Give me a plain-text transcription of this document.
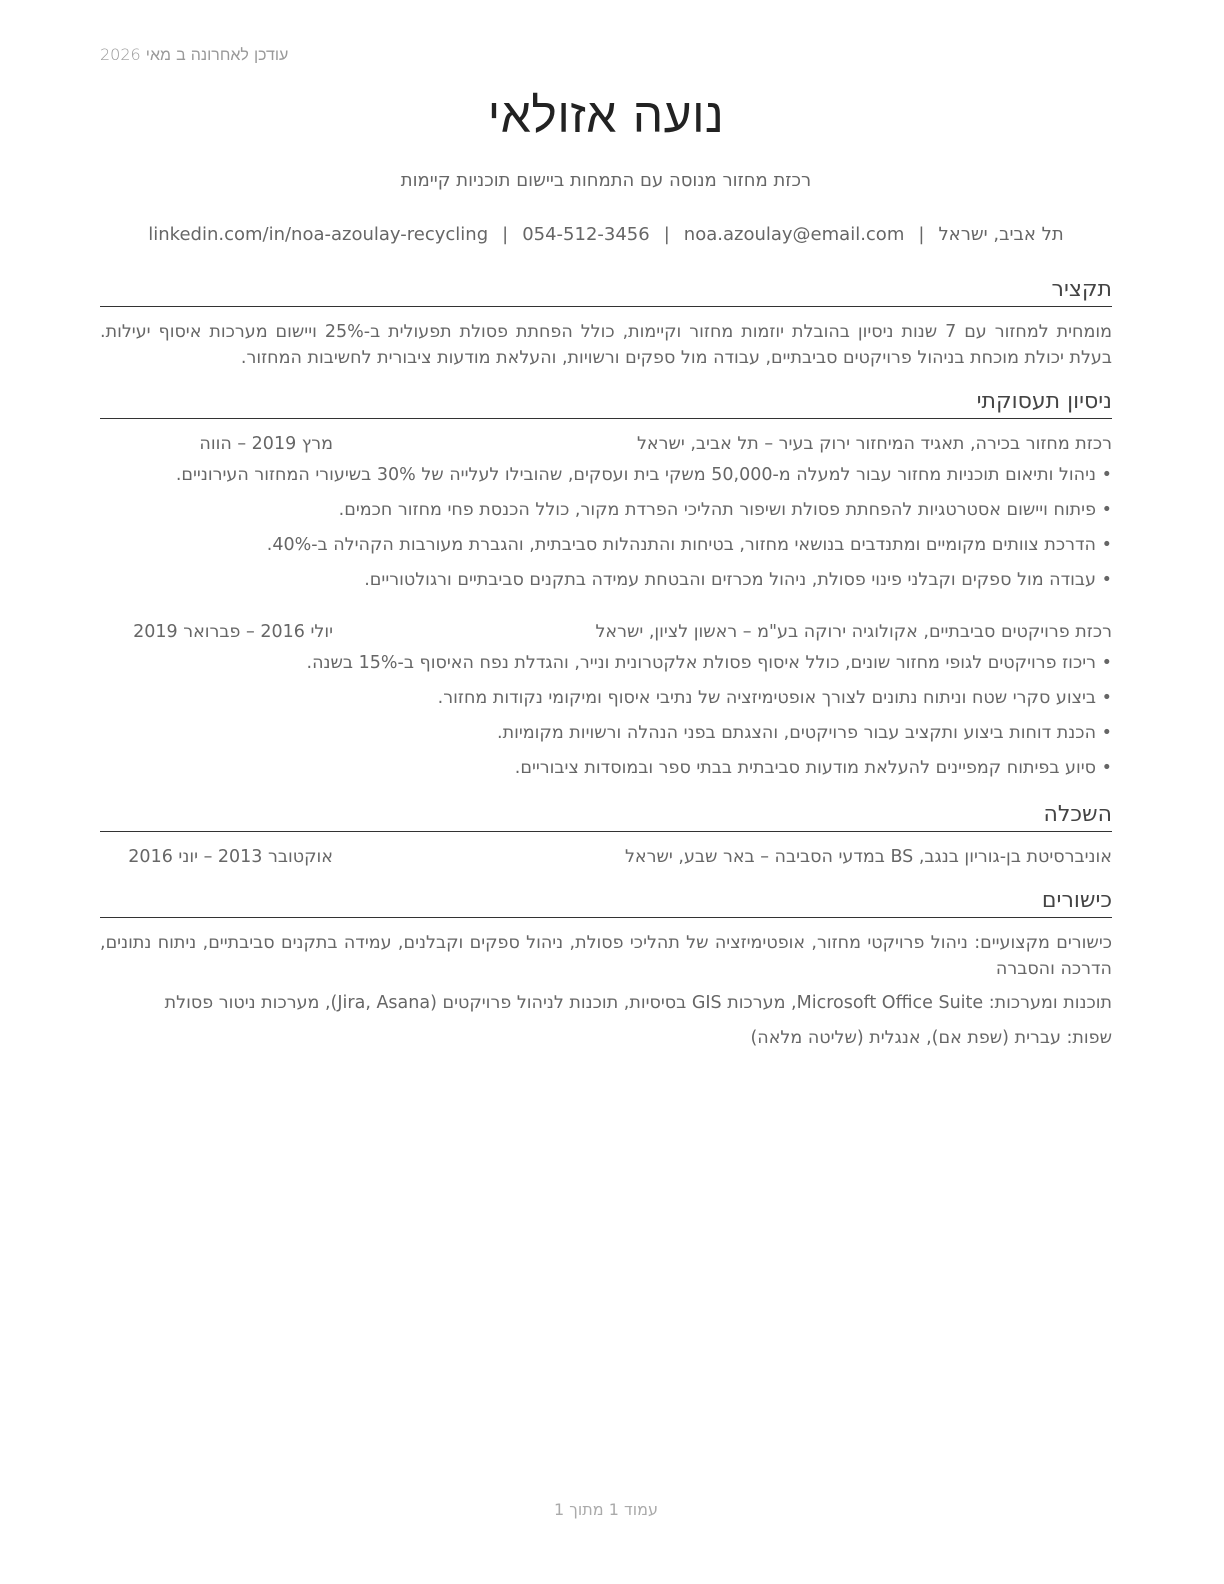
עודכן לאחרונה ב מאי 2026
נועה אזולאי
רכזת מחזור מנוסה עם התמחות ביישום תוכניות קיימות
תל אביב, ישראל|noa.azoulay@email.com|054-512-3456|linkedin.com/in/noa-azoulay-recycling
תקציר
מומחית למחזור עם 7 שנות ניסיון בהובלת יוזמות מחזור וקיימות, כולל הפחתת פסולת תפעולית ב-25% ויישום מערכות איסוף יעילות. בעלת יכולת מוכחת בניהול פרויקטים סביבתיים, עבודה מול ספקים ורשויות, והעלאת מודעות ציבורית לחשיבות המחזור.
ניסיון תעסוקתי
רכזת מחזור בכירה, תאגיד המיחזור ירוק בעיר – תל אביב, ישראל
מרץ 2019 – הווה
•
ניהול ותיאום תוכניות מחזור עבור למעלה מ-50,000 משקי בית ועסקים, שהובילו לעלייה של 30% בשיעורי המחזור העירוניים.
•
פיתוח ויישום אסטרטגיות להפחתת פסולת ושיפור תהליכי הפרדת מקור, כולל הכנסת פחי מחזור חכמים.
•
הדרכת צוותים מקומיים ומתנדבים בנושאי מחזור, בטיחות והתנהלות סביבתית, והגברת מעורבות הקהילה ב-40%.
•
עבודה מול ספקים וקבלני פינוי פסולת, ניהול מכרזים והבטחת עמידה בתקנים סביבתיים ורגולטוריים.
רכזת פרויקטים סביבתיים, אקולוגיה ירוקה בע"מ – ראשון לציון, ישראל
יולי 2016 – פברואר 2019
•
ריכוז פרויקטים לגופי מחזור שונים, כולל איסוף פסולת אלקטרונית ונייר, והגדלת נפח האיסוף ב-15% בשנה.
•
ביצוע סקרי שטח וניתוח נתונים לצורך אופטימיזציה של נתיבי איסוף ומיקומי נקודות מחזור.
•
הכנת דוחות ביצוע ותקציב עבור פרויקטים, והצגתם בפני הנהלה ורשויות מקומיות.
•
סיוע בפיתוח קמפיינים להעלאת מודעות סביבתית בבתי ספר ובמוסדות ציבוריים.
השכלה
אוניברסיטת בן-גוריון בנגב, BS במדעי הסביבה – באר שבע, ישראל
אוקטובר 2013 – יוני 2016
כישורים
כישורים מקצועיים: ניהול פרויקטי מחזור, אופטימיזציה של תהליכי פסולת, ניהול ספקים וקבלנים, עמידה בתקנים סביבתיים, ניתוח נתונים, הדרכה והסברה
תוכנות ומערכות: Microsoft Office Suite, מערכות GIS בסיסיות, תוכנות לניהול פרויקטים (Jira, Asana), מערכות ניטור פסולת
שפות: עברית (שפת אם), אנגלית (שליטה מלאה)
עמוד 1 מתוך 1
